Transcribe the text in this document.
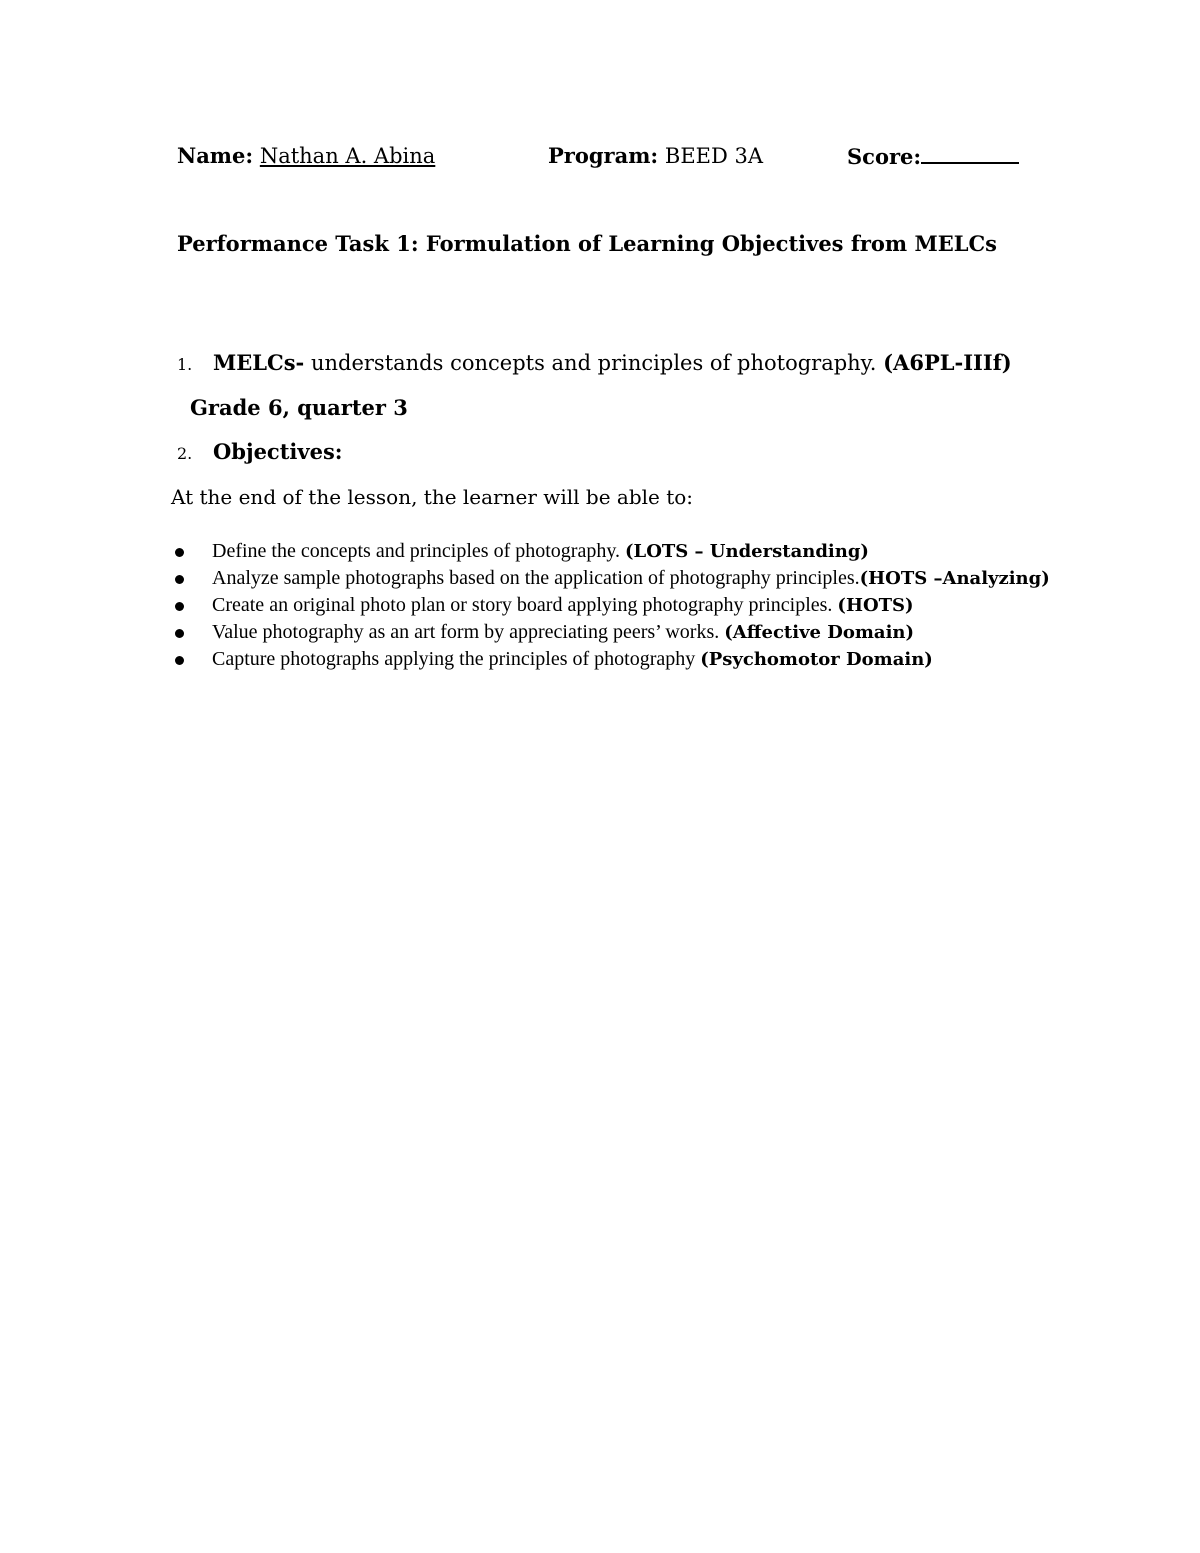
Name: Nathan A. Abina	Program: BEED 3A	Score:
Performance Task 1: Formulation of Learning Objectives from MELCs
1. MELCs- understands concepts and principles of photography. (A6PL-IIIf)
Grade 6, quarter 3
2. Objectives:
At the end of the lesson, the learner will be able to:
Define the concepts and principles of photography. (LOTS – Understanding)
Analyze sample photographs based on the application of photography principles.(HOTS –Analyzing)
Create an original photo plan or story board applying photography principles. (HOTS)
Value photography as an art form by appreciating peers’ works. (Affective Domain)
Capture photographs applying the principles of photography (Psychomotor Domain)
